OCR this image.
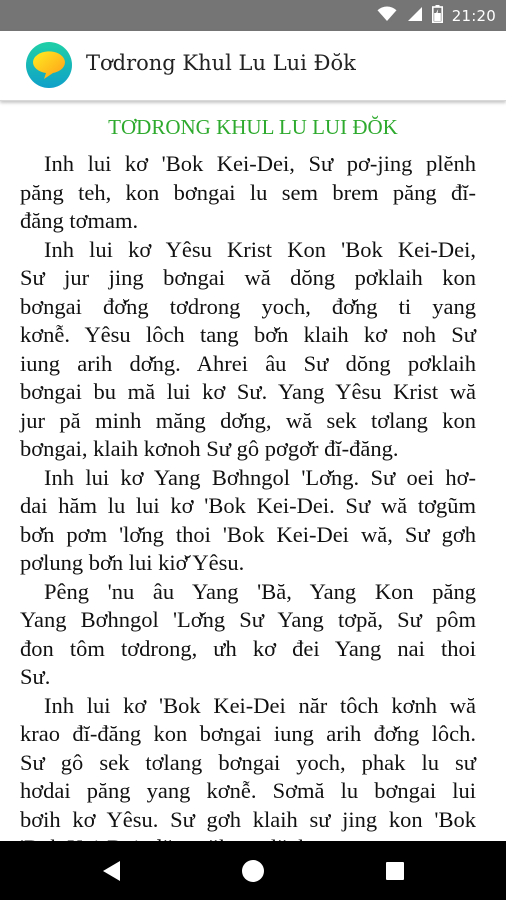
21:20
Tơdrong Khul Lu Lui Đŏk
TƠDRONG KHUL LU LUI ĐŎK
Inh lui kơ 'Bok Kei-Dei, Sư pơ-jing plĕnh
păng teh, kon bơngai lu sem brem păng đĭ-
đăng tơmam.
Inh lui kơ Yêsu Krist Kon 'Bok Kei-Dei,
Sư jur jing bơngai wă dŏng pơklaih kon
bơngai đơ̆ng tơdrong yoch, đơ̆ng ti yang
kơnễ. Yêsu lôch tang bơ̆n klaih kơ noh Sư
iung arih dơ̆ng. Ahrei âu Sư dŏng pơklaih
bơngai bu mă lui kơ Sư. Yang Yêsu Krist wă
jur pă minh măng dơ̆ng, wă sek tơlang kon
bơngai, klaih kơnoh Sư gô pơgơ̆r đĭ-đăng.
Inh lui kơ Yang Bơhngol 'Lơ̆ng. Sư oei hơ-
dai hăm lu lui kơ 'Bok Kei-Dei. Sư wă tơgũm
bơ̆n pơm 'lơ̆ng thoi 'Bok Kei-Dei wă, Sư gơh
pơlung bơ̆n lui kiơ̆ Yêsu.
Pêng 'nu âu Yang 'Bă, Yang Kon păng
Yang Bơhngol 'Lơ̆ng Sư Yang tơpă, Sư pôm
đon tôm tơdrong, ưh kơ đei Yang nai thoi
Sư.
Inh lui kơ 'Bok Kei-Dei năr tôch kơnh wă
krao đĭ-đăng kon bơngai iung arih đơ̆ng lôch.
Sư gô sek tơlang bơngai yoch, phak lu sư
hơdai păng yang kơnễ. Sơmă lu bơngai lui
bơih kơ Yêsu. Sư gơh klaih sư jing kon 'Bok
